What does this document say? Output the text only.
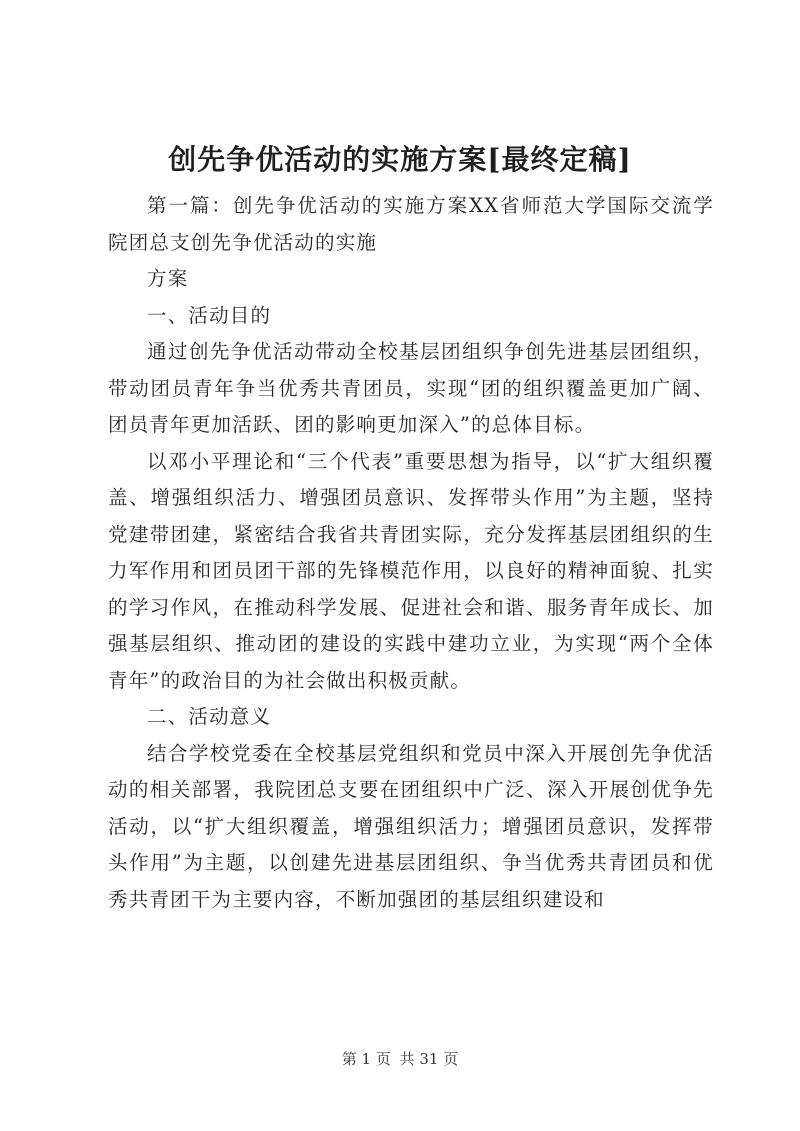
创先争优活动的实施方案[最终定稿]

第一篇：创先争优活动的实施方案XX省师范大学国际交流学院团总支创先争优活动的实施

方案

一、活动目的

通过创先争优活动带动全校基层团组织争创先进基层团组织，带动团员青年争当优秀共青团员，实现“团的组织覆盖更加广阔、团员青年更加活跃、团的影响更加深入”的总体目标。

以邓小平理论和“三个代表”重要思想为指导，以“扩大组织覆盖、增强组织活力、增强团员意识、发挥带头作用”为主题，坚持党建带团建，紧密结合我省共青团实际，充分发挥基层团组织的生力军作用和团员团干部的先锋模范作用，以良好的精神面貌、扎实的学习作风，在推动科学发展、促进社会和谐、服务青年成长、加强基层组织、推动团的建设的实践中建功立业，为实现“两个全体青年”的政治目的为社会做出积极贡献。

二、活动意义

结合学校党委在全校基层党组织和党员中深入开展创先争优活动的相关部署，我院团总支要在团组织中广泛、深入开展创优争先活动，以“扩大组织覆盖，增强组织活力；增强团员意识，发挥带头作用”为主题，以创建先进基层团组织、争当优秀共青团员和优秀共青团干为主要内容，不断加强团的基层组织建设和

第 1 页 共 31 页
